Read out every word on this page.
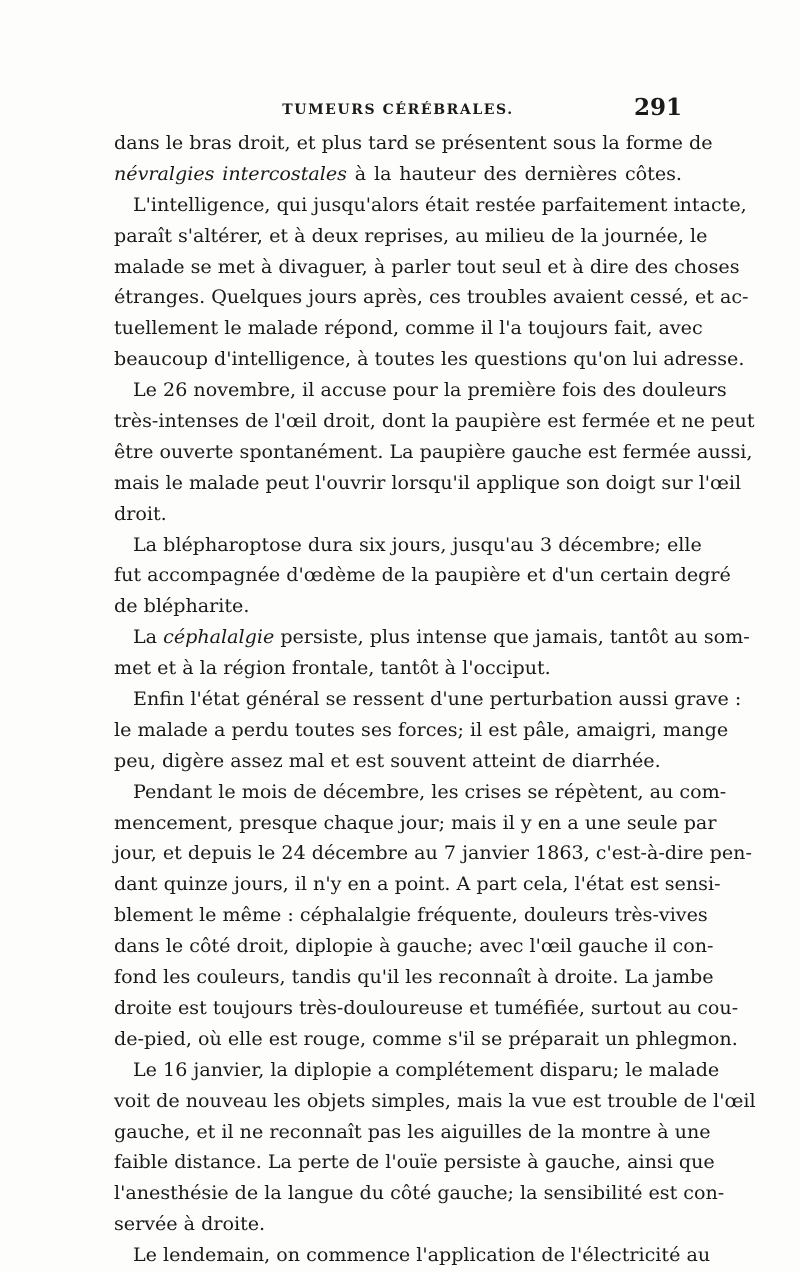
TUMEURS CÉRÉBRALES.	291
dans le bras droit, et plus tard se présentent sous la forme de
névralgies intercostales à la hauteur des dernières côtes.
L'intelligence, qui jusqu'alors était restée parfaitement intacte,
paraît s'altérer, et à deux reprises, au milieu de la journée, le
malade se met à divaguer, à parler tout seul et à dire des choses
étranges. Quelques jours après, ces troubles avaient cessé, et ac-
tuellement le malade répond, comme il l'a toujours fait, avec
beaucoup d'intelligence, à toutes les questions qu'on lui adresse.
Le 26 novembre, il accuse pour la première fois des douleurs
très-intenses de l'œil droit, dont la paupière est fermée et ne peut
être ouverte spontanément. La paupière gauche est fermée aussi,
mais le malade peut l'ouvrir lorsqu'il applique son doigt sur l'œil
droit.
La blépharoptose dura six jours, jusqu'au 3 décembre; elle
fut accompagnée d'œdème de la paupière et d'un certain degré
de blépharite.
La céphalalgie persiste, plus intense que jamais, tantôt au som-
met et à la région frontale, tantôt à l'occiput.
Enfin l'état général se ressent d'une perturbation aussi grave :
le malade a perdu toutes ses forces; il est pâle, amaigri, mange
peu, digère assez mal et est souvent atteint de diarrhée.
Pendant le mois de décembre, les crises se répètent, au com-
mencement, presque chaque jour; mais il y en a une seule par
jour, et depuis le 24 décembre au 7 janvier 1863, c'est-à-dire pen-
dant quinze jours, il n'y en a point. A part cela, l'état est sensi-
blement le même : céphalalgie fréquente, douleurs très-vives
dans le côté droit, diplopie à gauche; avec l'œil gauche il con-
fond les couleurs, tandis qu'il les reconnaît à droite. La jambe
droite est toujours très-douloureuse et tuméfiée, surtout au cou-
de-pied, où elle est rouge, comme s'il se préparait un phlegmon.
Le 16 janvier, la diplopie a complétement disparu; le malade
voit de nouveau les objets simples, mais la vue est trouble de l'œil
gauche, et il ne reconnaît pas les aiguilles de la montre à une
faible distance. La perte de l'ouïe persiste à gauche, ainsi que
l'anesthésie de la langue du côté gauche; la sensibilité est con-
servée à droite.
Le lendemain, on commence l'application de l'électricité au
